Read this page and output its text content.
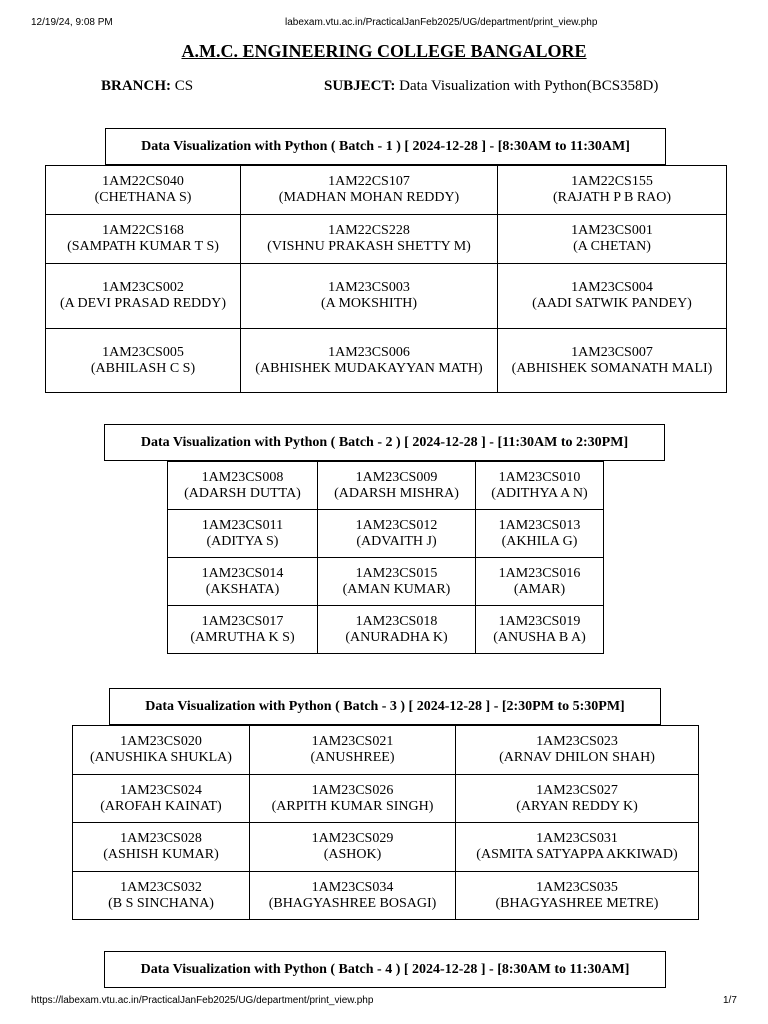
12/19/24, 9:08 PM	labexam.vtu.ac.in/PracticalJanFeb2025/UG/department/print_view.php
A.M.C. ENGINEERING COLLEGE BANGALORE
BRANCH: CS	SUBJECT: Data Visualization with Python(BCS358D)
Data Visualization with Python ( Batch - 1 ) [ 2024-12-28 ] - [8:30AM to 11:30AM]
1AM22CS040
(CHETHANA S)	1AM22CS107
(MADHAN MOHAN REDDY)	1AM22CS155
(RAJATH P B RAO)

1AM22CS168
(SAMPATH KUMAR T S)	1AM22CS228
(VISHNU PRAKASH SHETTY M)	1AM23CS001
(A CHETAN)

1AM23CS002
(A DEVI PRASAD REDDY)	1AM23CS003
(A MOKSHITH)	1AM23CS004
(AADI SATWIK PANDEY)

1AM23CS005
(ABHILASH C S)	1AM23CS006
(ABHISHEK MUDAKAYYAN MATH)	1AM23CS007
(ABHISHEK SOMANATH MALI)
Data Visualization with Python ( Batch - 2 ) [ 2024-12-28 ] - [11:30AM to 2:30PM]
1AM23CS008
(ADARSH DUTTA)	1AM23CS009
(ADARSH MISHRA)	1AM23CS010
(ADITHYA A N)

1AM23CS011
(ADITYA S)	1AM23CS012
(ADVAITH J)	1AM23CS013
(AKHILA G)

1AM23CS014
(AKSHATA)	1AM23CS015
(AMAN KUMAR)	1AM23CS016
(AMAR)

1AM23CS017
(AMRUTHA K S)	1AM23CS018
(ANURADHA K)	1AM23CS019
(ANUSHA B A)
Data Visualization with Python ( Batch - 3 ) [ 2024-12-28 ] - [2:30PM to 5:30PM]
1AM23CS020
(ANUSHIKA SHUKLA)	1AM23CS021
(ANUSHREE)	1AM23CS023
(ARNAV DHILON SHAH)

1AM23CS024
(AROFAH KAINAT)	1AM23CS026
(ARPITH KUMAR SINGH)	1AM23CS027
(ARYAN REDDY K)

1AM23CS028
(ASHISH KUMAR)	1AM23CS029
(ASHOK)	1AM23CS031
(ASMITA SATYAPPA AKKIWAD)

1AM23CS032
(B S SINCHANA)	1AM23CS034
(BHAGYASHREE BOSAGI)	1AM23CS035
(BHAGYASHREE METRE)
Data Visualization with Python ( Batch - 4 ) [ 2024-12-28 ] - [8:30AM to 11:30AM]
https://labexam.vtu.ac.in/PracticalJanFeb2025/UG/department/print_view.php	1/7
